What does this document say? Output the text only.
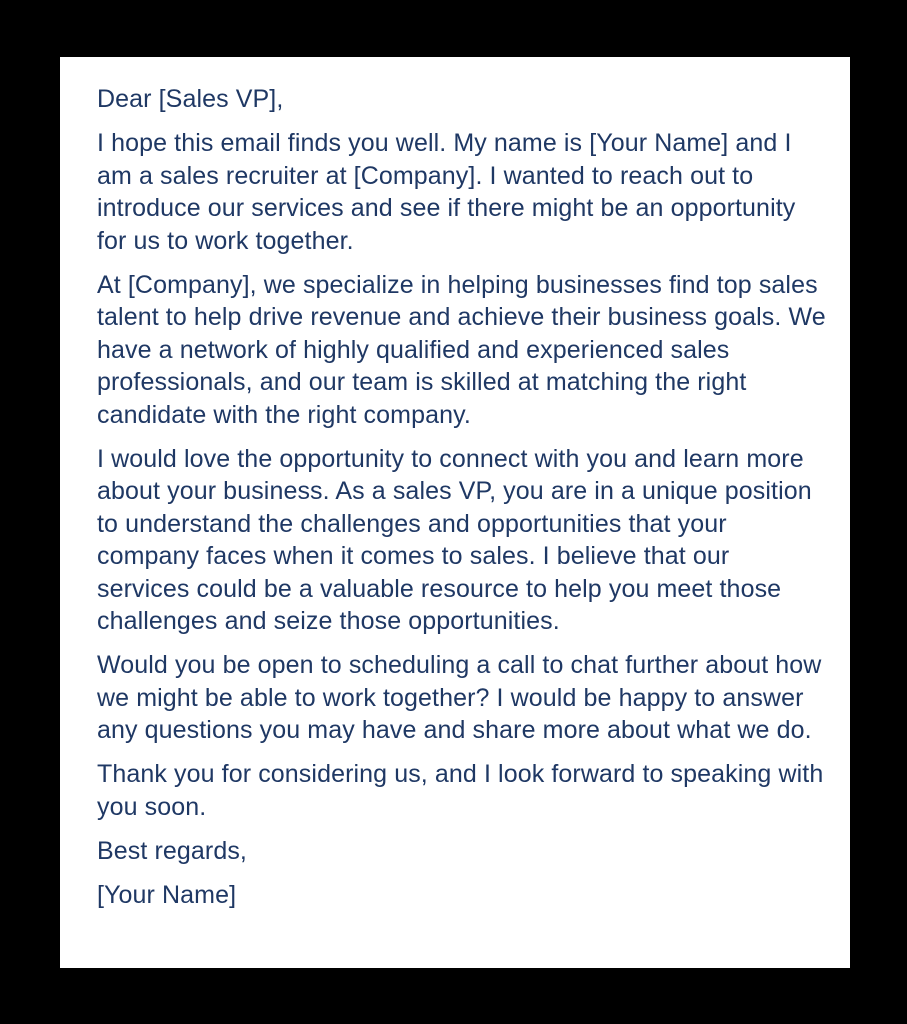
Dear [Sales VP],

I hope this email finds you well. My name is [Your Name] and I am a sales recruiter at [Company]. I wanted to reach out to introduce our services and see if there might be an opportunity for us to work together.

At [Company], we specialize in helping businesses find top sales talent to help drive revenue and achieve their business goals. We have a network of highly qualified and experienced sales professionals, and our team is skilled at matching the right candidate with the right company.

I would love the opportunity to connect with you and learn more about your business. As a sales VP, you are in a unique position to understand the challenges and opportunities that your company faces when it comes to sales. I believe that our services could be a valuable resource to help you meet those challenges and seize those opportunities.

Would you be open to scheduling a call to chat further about how we might be able to work together? I would be happy to answer any questions you may have and share more about what we do.

Thank you for considering us, and I look forward to speaking with you soon.

Best regards,

[Your Name]
